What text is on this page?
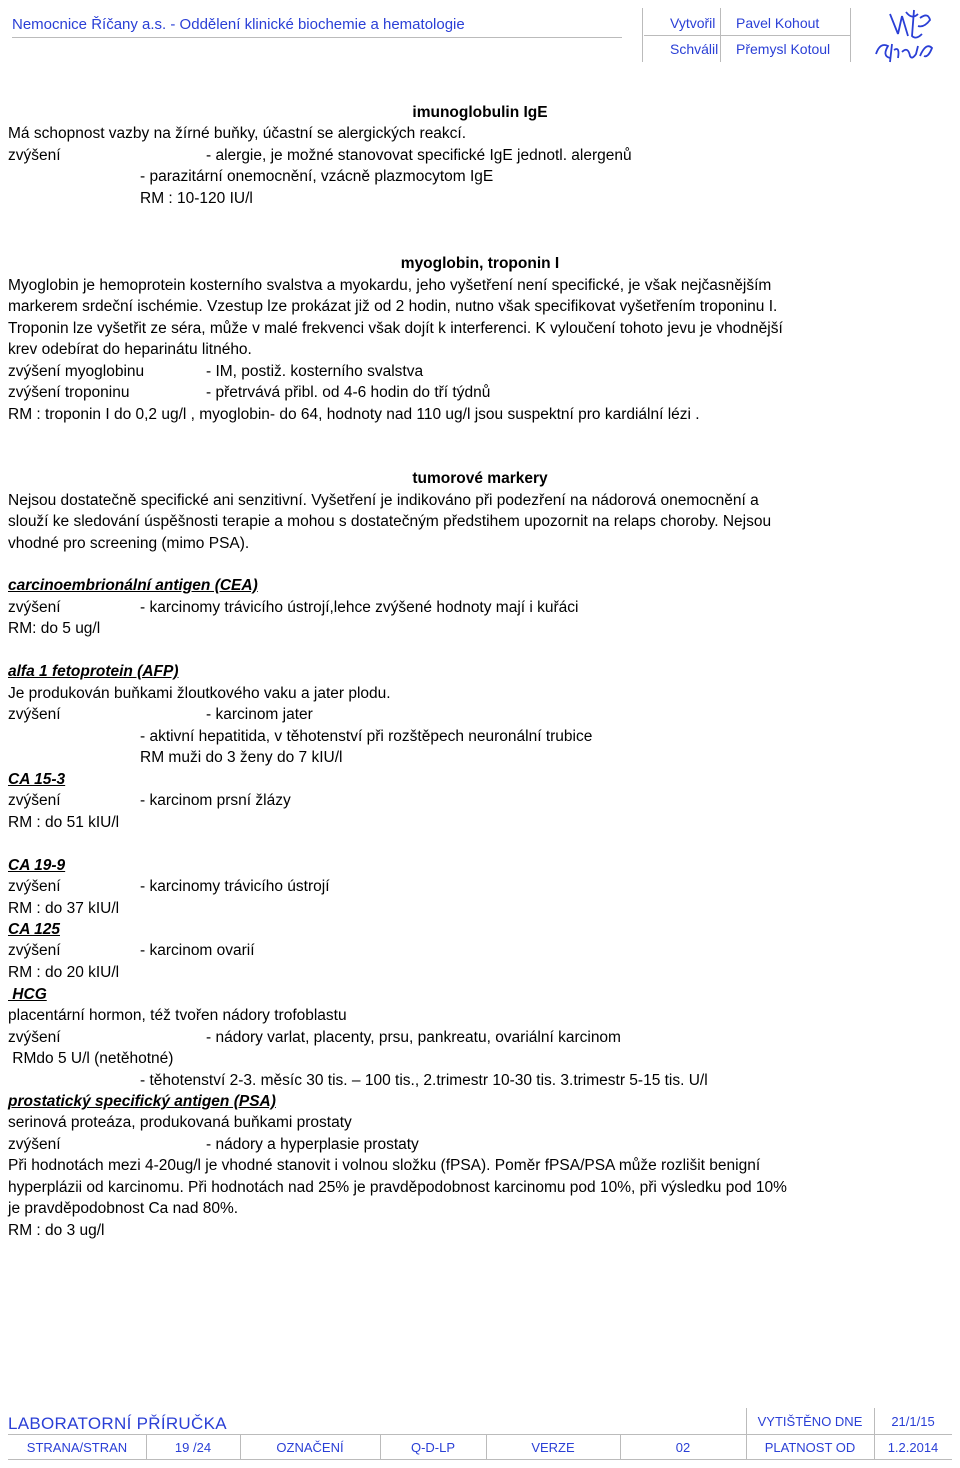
Nemocnice Říčany a.s. - Oddělení klinické biochemie a hematologie	Vytvořil	Pavel Kohout
Schválil	Přemysl Kotoul
imunoglobulin IgE
Má schopnost vazby na žírné buňky, účastní se alergických reakcí.
zvýšení	- alergie, je možné stanovovat specifické IgE jednotl. alergenů
- parazitární onemocnění, vzácně plazmocytom IgE
RM : 10-120 IU/l
myoglobin, troponin I
Myoglobin je hemoprotein kosterního svalstva a myokardu, jeho vyšetření není specifické, je však nejčasnějším
markerem srdeční ischémie. Vzestup lze prokázat již od 2 hodin, nutno však specifikovat vyšetřením troponinu I.
Troponin lze vyšetřit ze séra, může v malé frekvenci však dojít k interferenci. K vyloučení tohoto jevu je vhodnější
krev odebírat do heparinátu litného.
zvýšení myoglobinu	- IM, postiž. kosterního svalstva
zvýšení troponinu	- přetrvává přibl. od 4-6 hodin do tří týdnů
RM : troponin I do 0,2 ug/l , myoglobin- do 64, hodnoty nad 110 ug/l jsou suspektní pro kardiální lézi .
tumorové markery
Nejsou dostatečně specifické ani senzitivní. Vyšetření je indikováno při podezření na nádorová onemocnění a
slouží ke sledování úspěšnosti terapie a mohou s dostatečným předstihem upozornit na relaps choroby. Nejsou
vhodné pro screening (mimo PSA).
carcinoembrionální antigen (CEA)
zvýšení	- karcinomy trávicího ústrojí,lehce zvýšené hodnoty mají i kuřáci
RM: do 5 ug/l
alfa 1 fetoprotein (AFP)
Je produkován buňkami žloutkového vaku a jater plodu.
zvýšení	- karcinom jater
- aktivní hepatitida, v těhotenství při rozštěpech neuronální trubice
RM muži do 3 ženy do 7 kIU/l
CA 15-3
zvýšení	- karcinom prsní žlázy
RM : do 51 kIU/l
CA 19-9
zvýšení	- karcinomy trávicího ústrojí
RM : do 37 kIU/l
CA 125
zvýšení	- karcinom ovarií
RM : do 20 kIU/l
HCG
placentární hormon, též tvořen nádory trofoblastu
zvýšení	- nádory varlat, placenty, prsu, pankreatu, ovariální karcinom
RMdo 5 U/l (netěhotné)
- těhotenství 2-3. měsíc 30 tis. – 100 tis., 2.trimestr 10-30 tis. 3.trimestr 5-15 tis. U/l
prostatický specifický antigen (PSA)
serinová proteáza, produkovaná buňkami prostaty
zvýšení	- nádory a hyperplasie prostaty
Při hodnotách mezi 4-20ug/l je vhodné stanovit i volnou složku (fPSA). Poměr fPSA/PSA může rozlišit benigní
hyperplázii od karcinomu. Při hodnotách nad 25% je pravděpodobnost karcinomu pod 10%, při výsledku pod 10%
je pravděpodobnost Ca nad 80%.
RM : do 3 ug/l
LABORATORNÍ PŘÍRUČKA	VYTIŠTĚNO DNE	21/1/15
STRANA/STRAN	19 /24	OZNAČENÍ	Q-D-LP	VERZE	02	PLATNOST OD	1.2.2014
